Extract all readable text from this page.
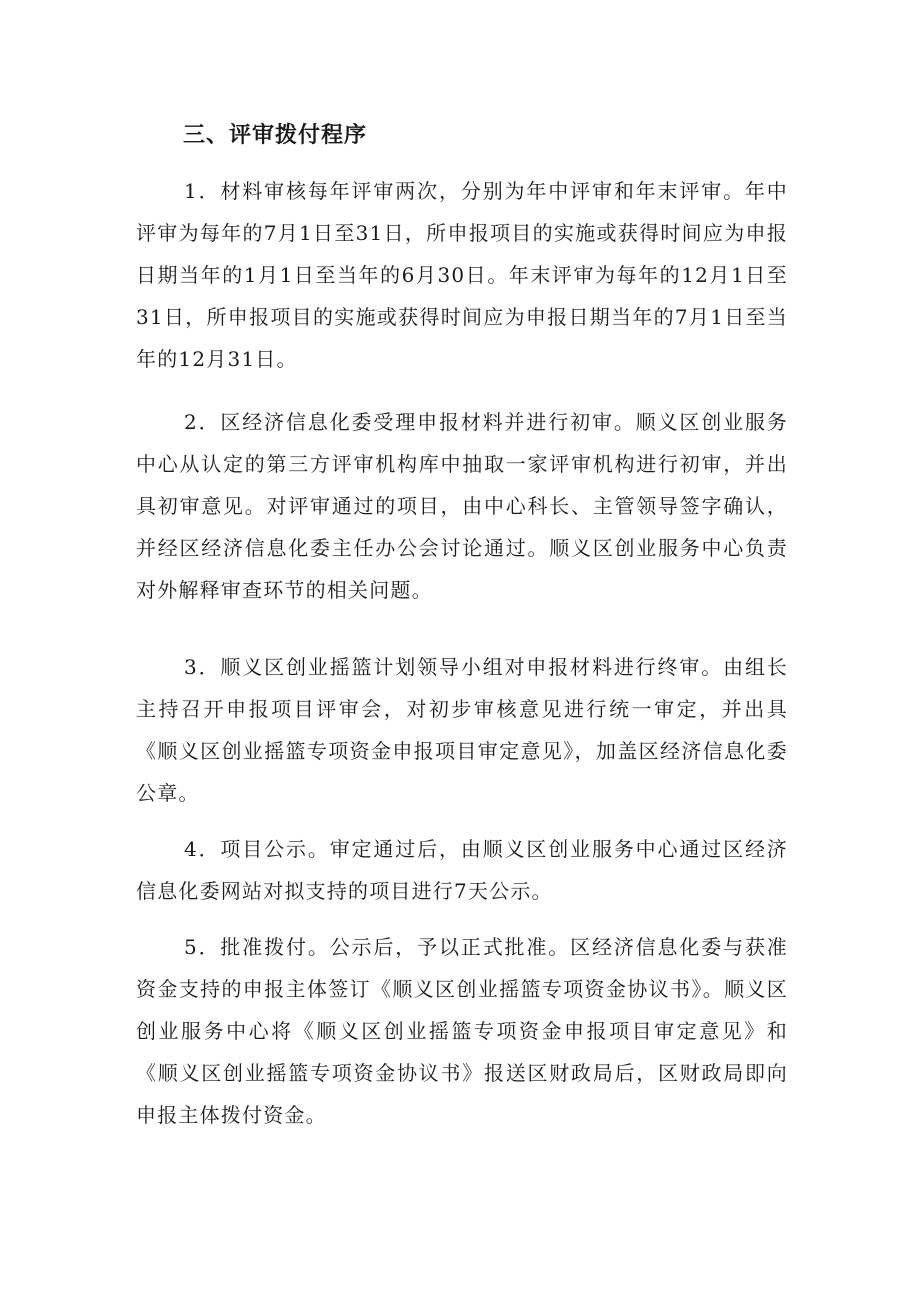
三、评审拨付程序

1．材料审核每年评审两次，分别为年中评审和年末评审。年中评审为每年的7月1日至31日，所申报项目的实施或获得时间应为申报日期当年的1月1日至当年的6月30日。年末评审为每年的12月1日至31日，所申报项目的实施或获得时间应为申报日期当年的7月1日至当年的12月31日。

2．区经济信息化委受理申报材料并进行初审。顺义区创业服务中心从认定的第三方评审机构库中抽取一家评审机构进行初审，并出具初审意见。对评审通过的项目，由中心科长、主管领导签字确认，并经区经济信息化委主任办公会讨论通过。顺义区创业服务中心负责对外解释审查环节的相关问题。

3．顺义区创业摇篮计划领导小组对申报材料进行终审。由组长主持召开申报项目评审会，对初步审核意见进行统一审定，并出具《顺义区创业摇篮专项资金申报项目审定意见》，加盖区经济信息化委公章。

4．项目公示。审定通过后，由顺义区创业服务中心通过区经济信息化委网站对拟支持的项目进行7天公示。

5．批准拨付。公示后，予以正式批准。区经济信息化委与获准资金支持的申报主体签订《顺义区创业摇篮专项资金协议书》。顺义区创业服务中心将《顺义区创业摇篮专项资金申报项目审定意见》和《顺义区创业摇篮专项资金协议书》报送区财政局后，区财政局即向申报主体拨付资金。
